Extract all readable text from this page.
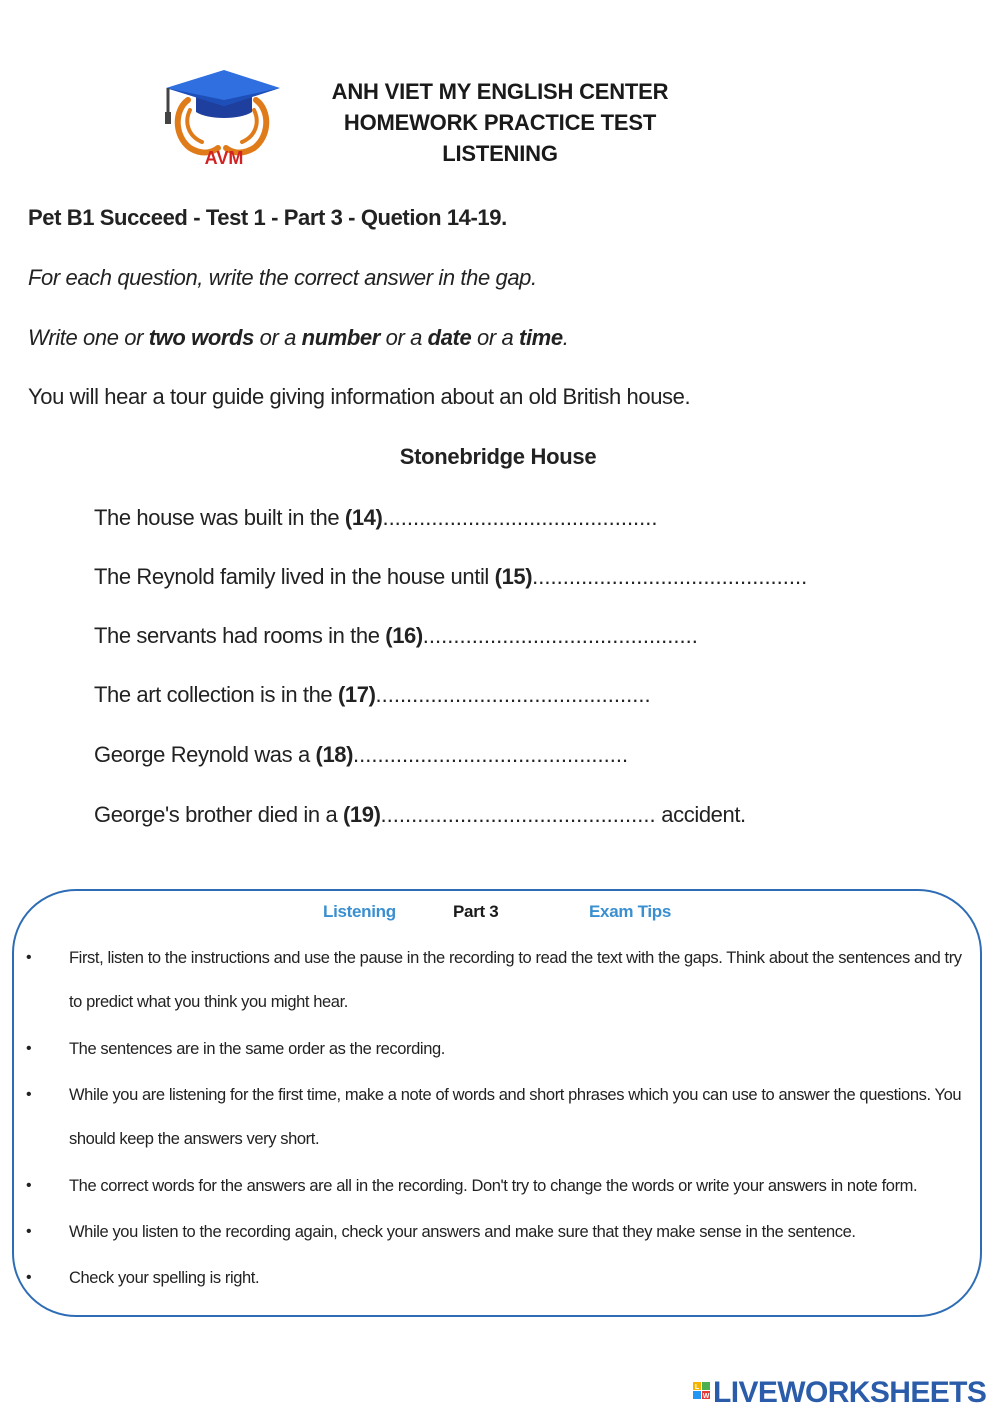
AVM
ANH VIET MY ENGLISH CENTER
HOMEWORK PRACTICE TEST
LISTENING
Pet B1 Succeed - Test 1 - Part 3 - Quetion 14-19.
For each question, write the correct answer in the gap.
Write one or two words or a number or a date or a time.
You will hear a tour guide giving information about an old British house.
Stonebridge House
The house was built in the (14).............................................
The Reynold family lived in the house until (15).............................................
The servants had rooms in the (16).............................................
The art collection is in the (17).............................................
George Reynold was a (18).............................................
George's brother died in a (19)............................................. accident.
Listening	Part 3	Exam Tips
• First, listen to the instructions and use the pause in the recording to read the text with the gaps. Think about the sentences and try to predict what you think you might hear.
• The sentences are in the same order as the recording.
• While you are listening for the first time, make a note of words and short phrases which you can use to answer the questions. You should keep the answers very short.
• The correct words for the answers are all in the recording. Don't try to change the words or write your answers in note form.
• While you listen to the recording again, check your answers and make sure that they make sense in the sentence.
• Check your spelling is right.
L
W LIVEWORKSHEETS
